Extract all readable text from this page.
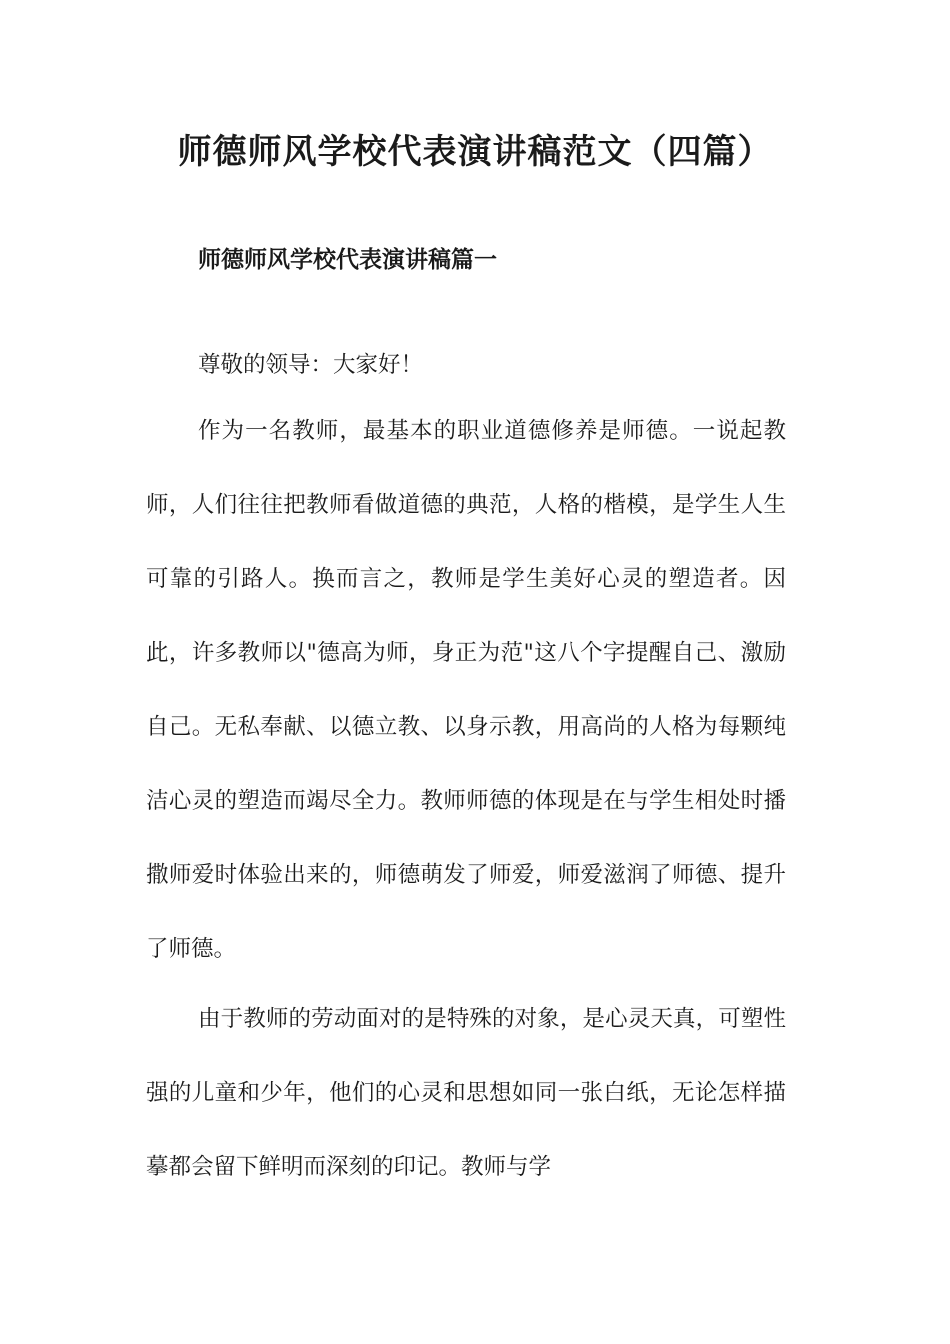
师德师风学校代表演讲稿范文（四篇）
师德师风学校代表演讲稿篇一

尊敬的领导：大家好！

作为一名教师，最基本的职业道德修养是师德。一说起教师，人们往往把教师看做道德的典范，人格的楷模，是学生人生可靠的引路人。换而言之，教师是学生美好心灵的塑造者。因此，许多教师以"德高为师，身正为范"这八个字提醒自己、激励自己。无私奉献、以德立教、以身示教，用高尚的人格为每颗纯洁心灵的塑造而竭尽全力。教师师德的体现是在与学生相处时播撒师爱时体验出来的，师德萌发了师爱，师爱滋润了师德、提升了师德。

由于教师的劳动面对的是特殊的对象，是心灵天真，可塑性强的儿童和少年，他们的心灵和思想如同一张白纸，无论怎样描摹都会留下鲜明而深刻的印记。教师与学
